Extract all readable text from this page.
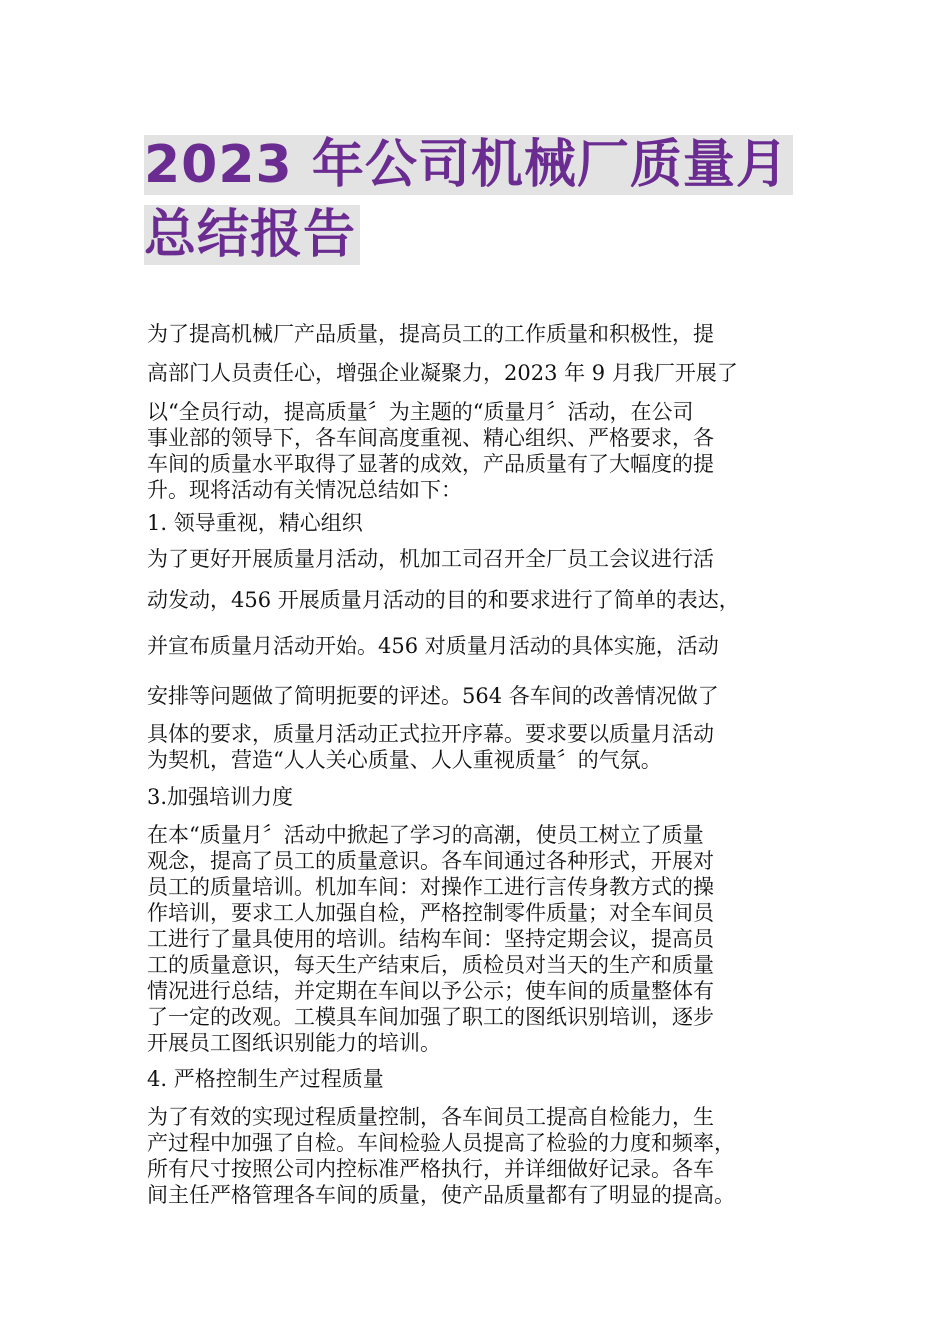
2023 年公司机械厂质量月
总结报告

为了提高机械厂产品质量，提高员工的工作质量和积极性，提

高部门人员责任心，增强企业凝聚力，2023 年 9 月我厂开展了

以“全员行动，提高质量〞为主题的“质量月〞活动，在公司

事业部的领导下，各车间高度重视、精心组织、严格要求，各

车间的质量水平取得了显著的成效，产品质量有了大幅度的提

升。现将活动有关情况总结如下：

1. 领导重视，精心组织

为了更好开展质量月活动，机加工司召开全厂员工会议进行活

动发动，456 开展质量月活动的目的和要求进行了简单的表达，

并宣布质量月活动开始。456 对质量月活动的具体实施，活动

安排等问题做了简明扼要的评述。564 各车间的改善情况做了

具体的要求，质量月活动正式拉开序幕。要求要以质量月活动

为契机，营造“人人关心质量、人人重视质量〞的气氛。

3.加强培训力度

在本“质量月〞活动中掀起了学习的高潮，使员工树立了质量

观念，提高了员工的质量意识。各车间通过各种形式，开展对

员工的质量培训。机加车间：对操作工进行言传身教方式的操

作培训，要求工人加强自检，严格控制零件质量；对全车间员

工进行了量具使用的培训。结构车间：坚持定期会议，提高员

工的质量意识，每天生产结束后，质检员对当天的生产和质量

情况进行总结，并定期在车间以予公示；使车间的质量整体有

了一定的改观。工模具车间加强了职工的图纸识别培训，逐步

开展员工图纸识别能力的培训。

4. 严格控制生产过程质量

为了有效的实现过程质量控制，各车间员工提高自检能力，生

产过程中加强了自检。车间检验人员提高了检验的力度和频率，

所有尺寸按照公司内控标准严格执行，并详细做好记录。各车

间主任严格管理各车间的质量，使产品质量都有了明显的提高。
